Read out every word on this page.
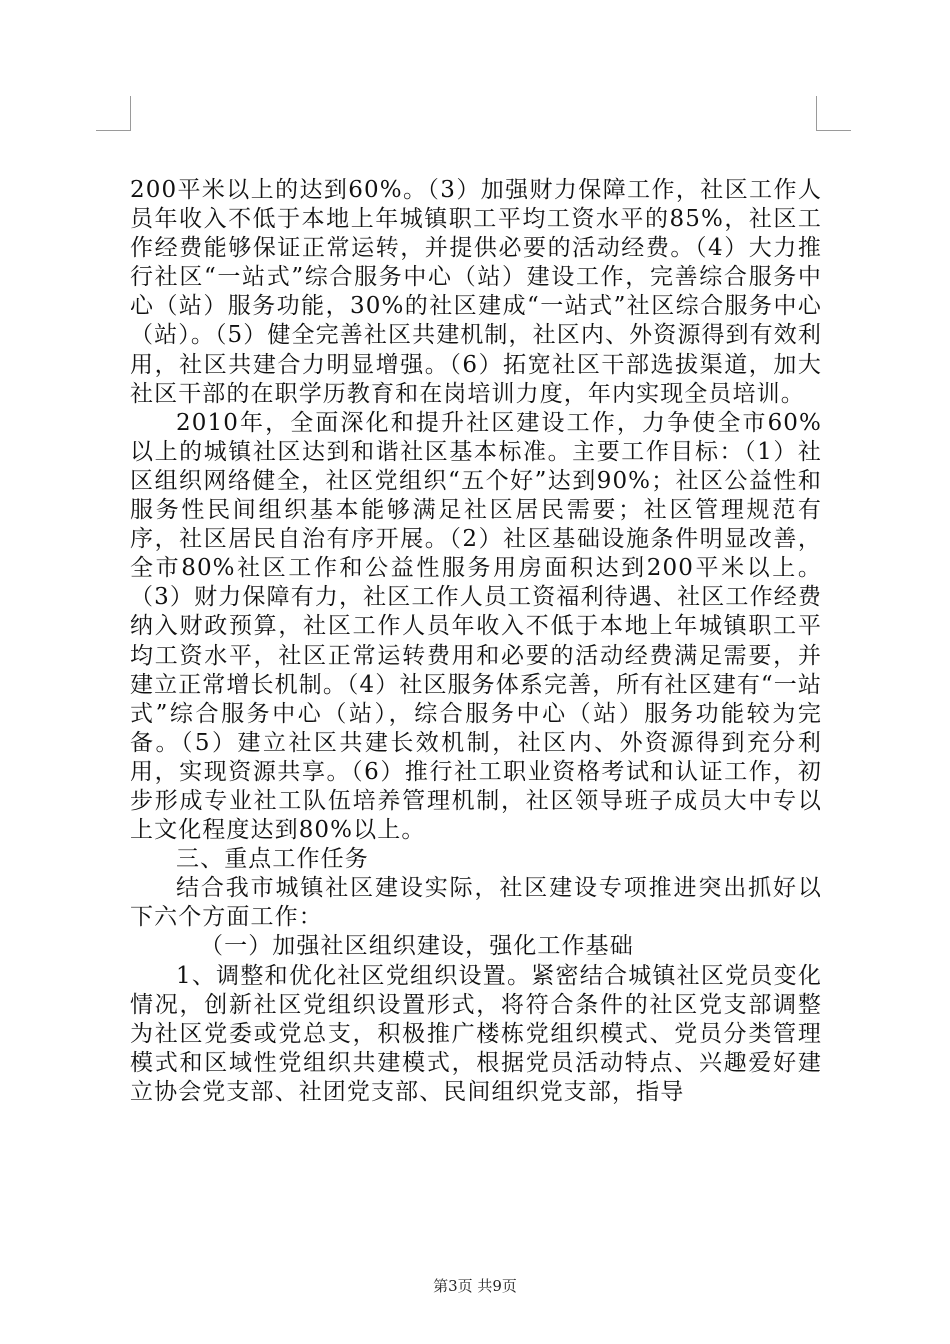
200平米以上的达到60%。（3）加强财力保障工作，社区工作人员年收入不低于本地上年城镇职工平均工资水平的85%，社区工作经费能够保证正常运转，并提供必要的活动经费。（4）大力推行社区“一站式”综合服务中心（站）建设工作，完善综合服务中心（站）服务功能，30%的社区建成“一站式”社区综合服务中心（站）。（5）健全完善社区共建机制，社区内、外资源得到有效利用，社区共建合力明显增强。（6）拓宽社区干部选拔渠道，加大社区干部的在职学历教育和在岗培训力度，年内实现全员培训。

2010年，全面深化和提升社区建设工作，力争使全市60%以上的城镇社区达到和谐社区基本标准。主要工作目标：（1）社区组织网络健全，社区党组织“五个好”达到90%；社区公益性和服务性民间组织基本能够满足社区居民需要；社区管理规范有序，社区居民自治有序开展。（2）社区基础设施条件明显改善，全市80%社区工作和公益性服务用房面积达到200平米以上。（3）财力保障有力，社区工作人员工资福利待遇、社区工作经费纳入财政预算，社区工作人员年收入不低于本地上年城镇职工平均工资水平，社区正常运转费用和必要的活动经费满足需要，并建立正常增长机制。（4）社区服务体系完善，所有社区建有“一站式”综合服务中心（站），综合服务中心（站）服务功能较为完备。（5）建立社区共建长效机制，社区内、外资源得到充分利用，实现资源共享。（6）推行社工职业资格考试和认证工作，初步形成专业社工队伍培养管理机制，社区领导班子成员大中专以上文化程度达到80%以上。

三、重点工作任务

结合我市城镇社区建设实际，社区建设专项推进突出抓好以下六个方面工作：

（一）加强社区组织建设，强化工作基础

1、调整和优化社区党组织设置。紧密结合城镇社区党员变化情况，创新社区党组织设置形式，将符合条件的社区党支部调整为社区党委或党总支，积极推广楼栋党组织模式、党员分类管理模式和区域性党组织共建模式，根据党员活动特点、兴趣爱好建立协会党支部、社团党支部、民间组织党支部，指导

第3页 共9页
